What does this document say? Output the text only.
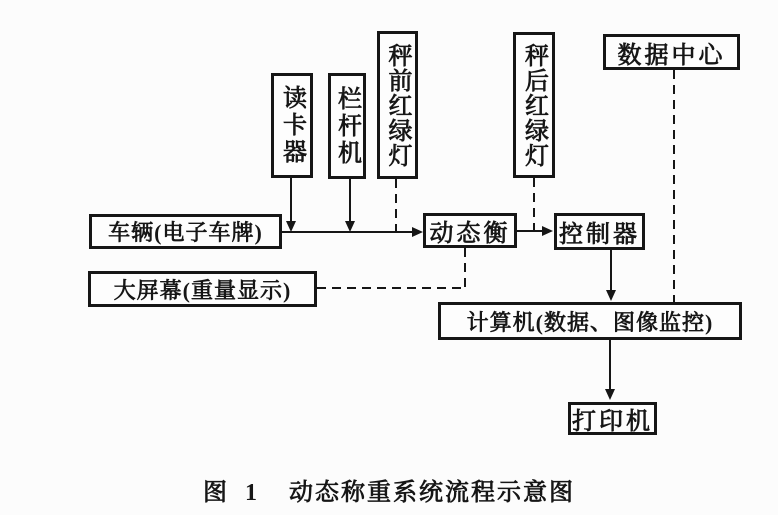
读卡器 栏杆机 秤前红绿灯	秤后红绿灯	数据中心
车辆(电子车牌)	动态衡 控制器
大屏幕(重量显示)
计算机(数据、图像监控)
打印机
图 1 动态称重系统流程示意图
